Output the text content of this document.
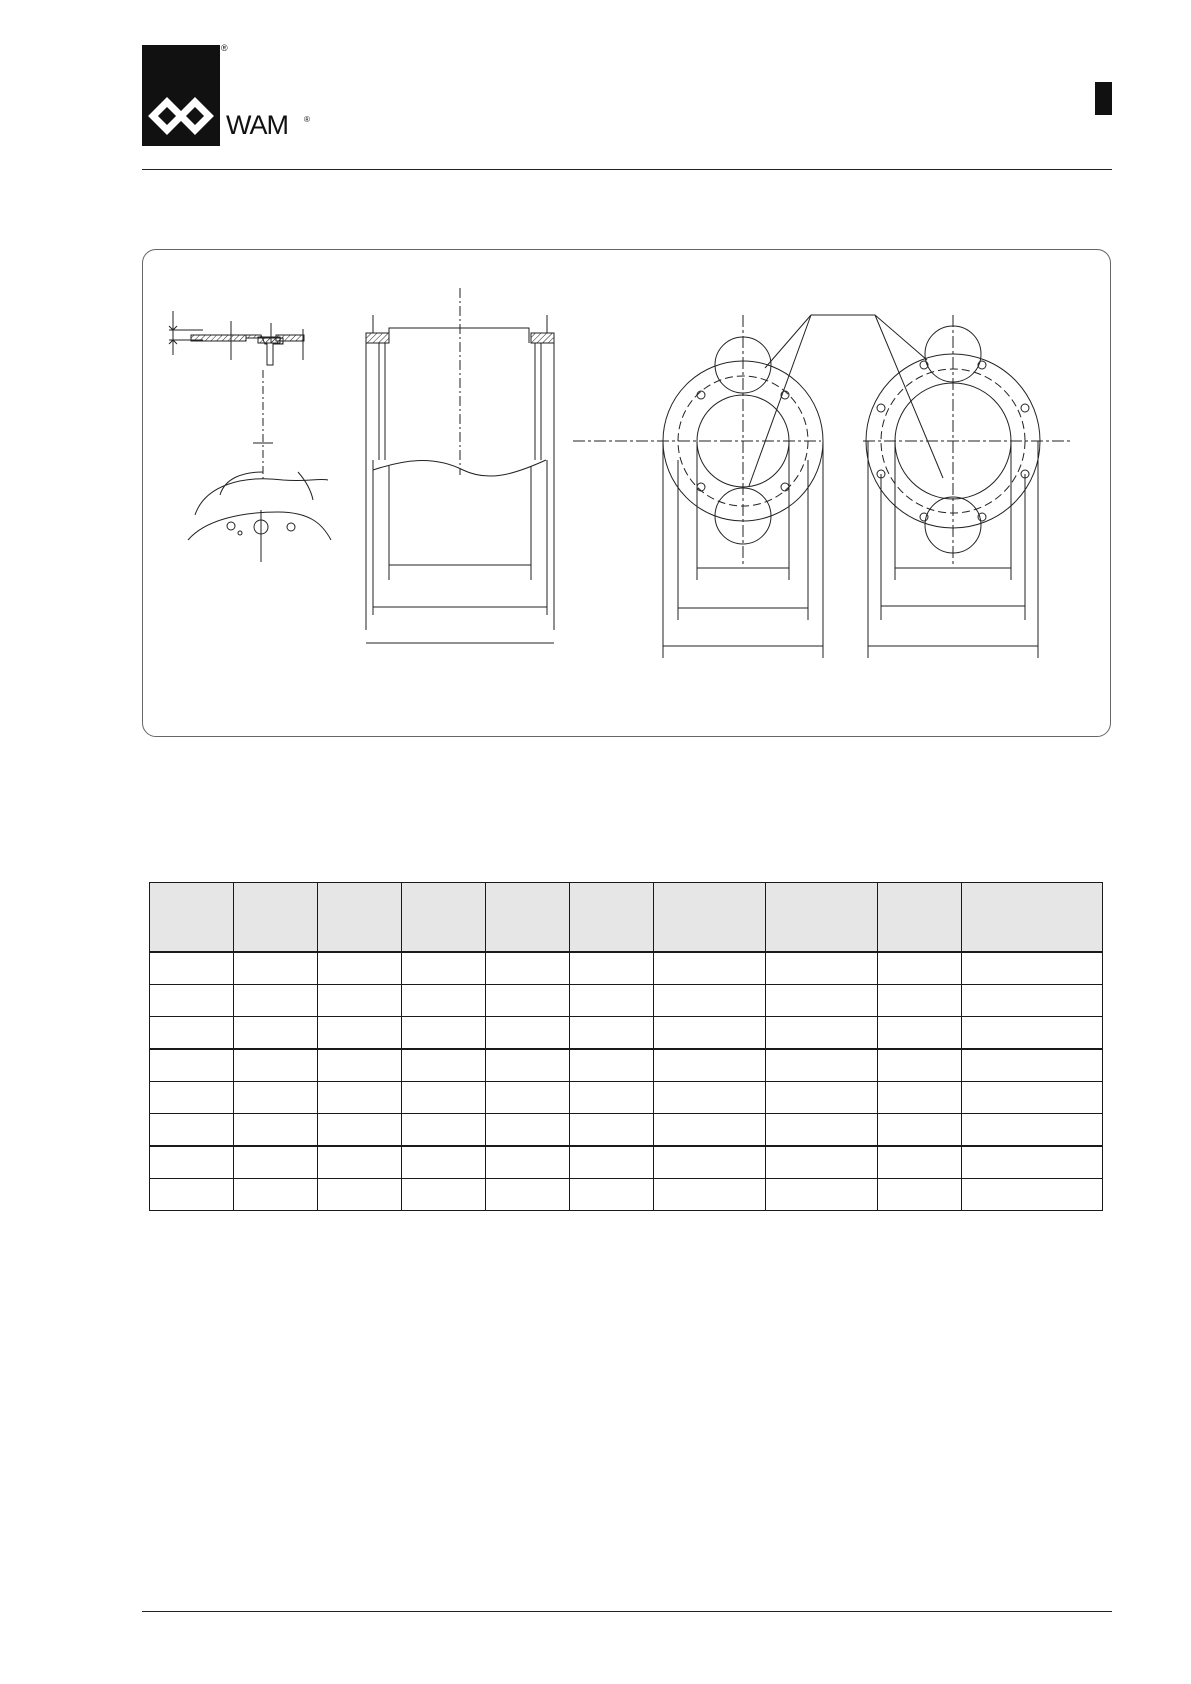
®
WAM ®
